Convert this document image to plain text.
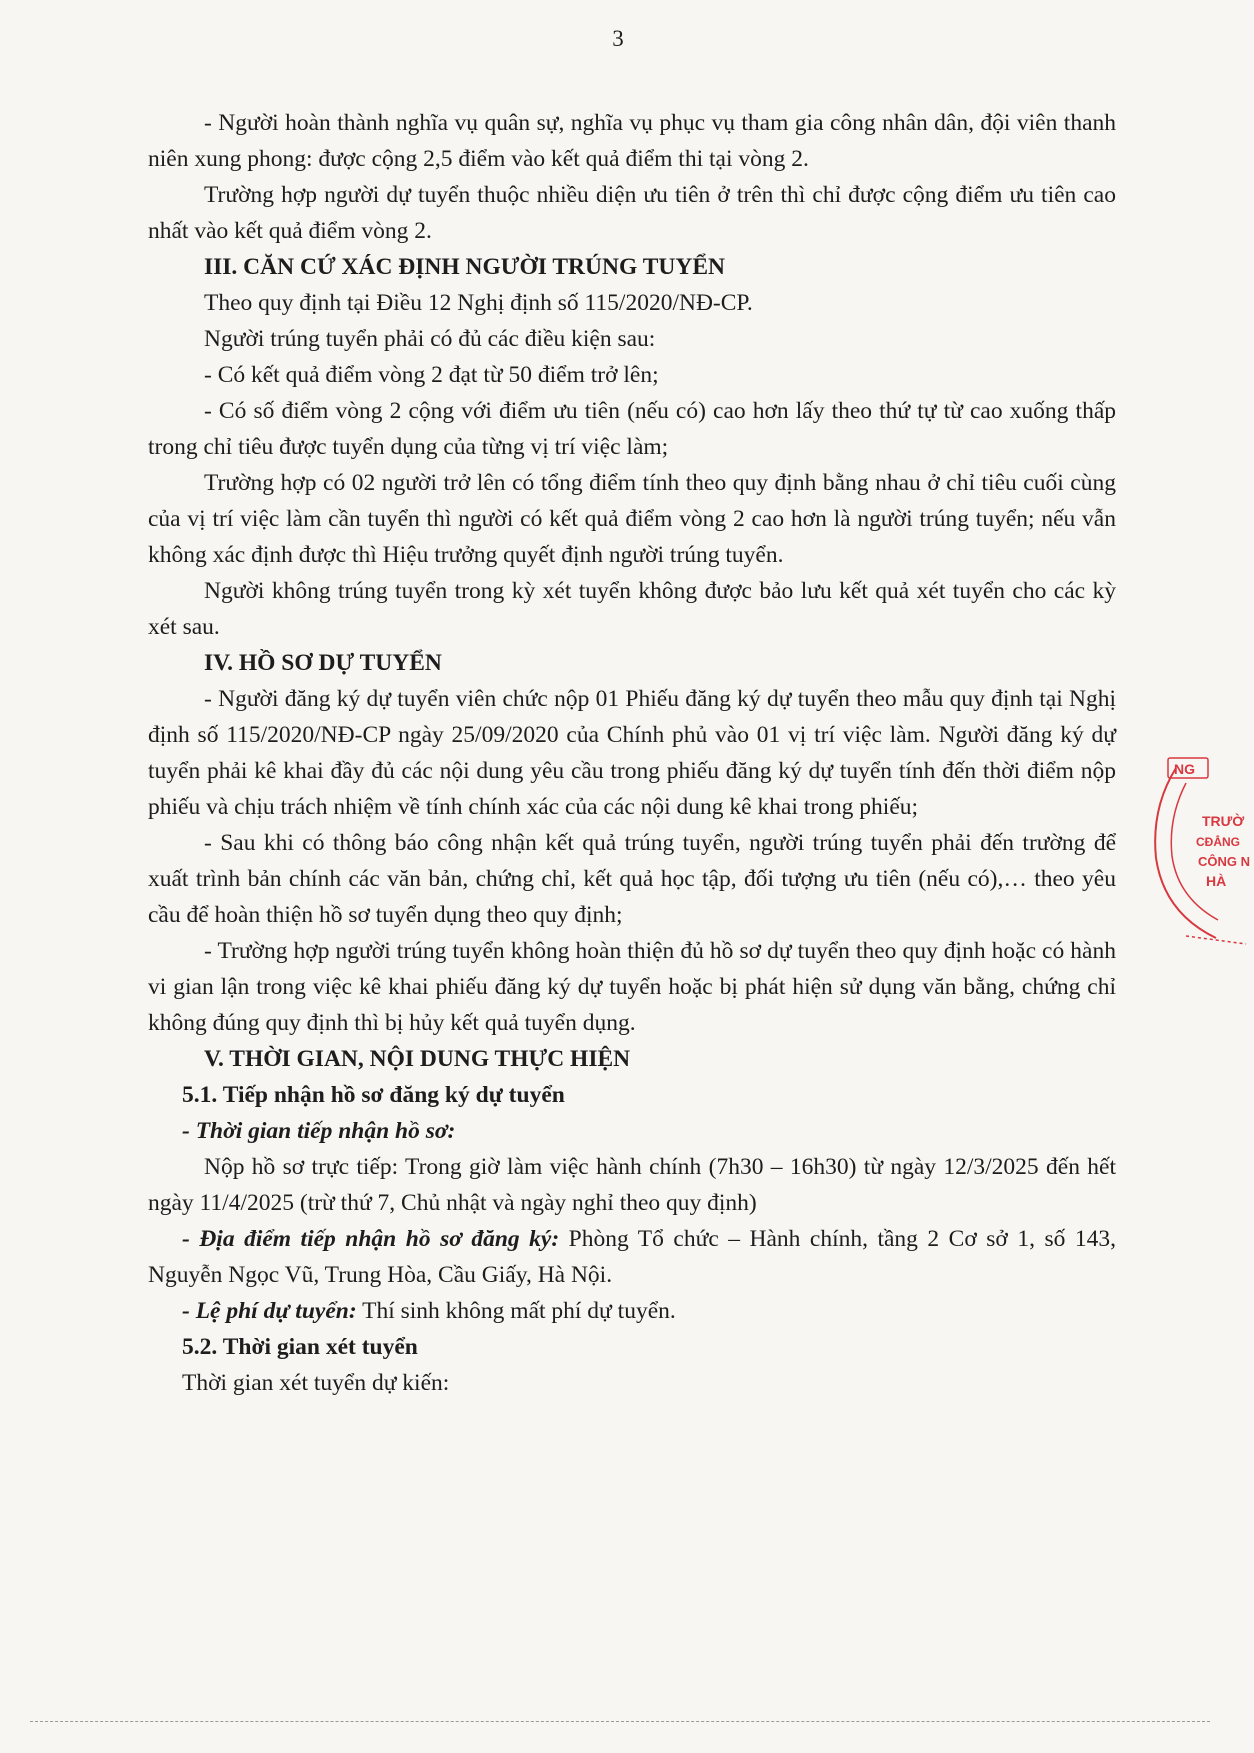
3

- Người hoàn thành nghĩa vụ quân sự, nghĩa vụ phục vụ tham gia công nhân dân, đội viên thanh niên xung phong: được cộng 2,5 điểm vào kết quả điểm thi tại vòng 2.

Trường hợp người dự tuyển thuộc nhiều diện ưu tiên ở trên thì chỉ được cộng điểm ưu tiên cao nhất vào kết quả điểm vòng 2.

III. CĂN CỨ XÁC ĐỊNH NGƯỜI TRÚNG TUYỂN

Theo quy định tại Điều 12 Nghị định số 115/2020/NĐ-CP.

Người trúng tuyển phải có đủ các điều kiện sau:

- Có kết quả điểm vòng 2 đạt từ 50 điểm trở lên;

- Có số điểm vòng 2 cộng với điểm ưu tiên (nếu có) cao hơn lấy theo thứ tự từ cao xuống thấp trong chỉ tiêu được tuyển dụng của từng vị trí việc làm;

Trường hợp có 02 người trở lên có tổng điểm tính theo quy định bằng nhau ở chỉ tiêu cuối cùng của vị trí việc làm cần tuyển thì người có kết quả điểm vòng 2 cao hơn là người trúng tuyển; nếu vẫn không xác định được thì Hiệu trưởng quyết định người trúng tuyển.

Người không trúng tuyển trong kỳ xét tuyển không được bảo lưu kết quả xét tuyển cho các kỳ xét sau.

IV. HỒ SƠ DỰ TUYỂN

- Người đăng ký dự tuyển viên chức nộp 01 Phiếu đăng ký dự tuyển theo mẫu quy định tại Nghị định số 115/2020/NĐ-CP ngày 25/09/2020 của Chính phủ vào 01 vị trí việc làm. Người đăng ký dự tuyển phải kê khai đầy đủ các nội dung yêu cầu trong phiếu đăng ký dự tuyển tính đến thời điểm nộp phiếu và chịu trách nhiệm về tính chính xác của các nội dung kê khai trong phiếu;

- Sau khi có thông báo công nhận kết quả trúng tuyển, người trúng tuyển phải đến trường để xuất trình bản chính các văn bản, chứng chỉ, kết quả học tập, đối tượng ưu tiên (nếu có),… theo yêu cầu để hoàn thiện hồ sơ tuyển dụng theo quy định;

- Trường hợp người trúng tuyển không hoàn thiện đủ hồ sơ dự tuyển theo quy định hoặc có hành vi gian lận trong việc kê khai phiếu đăng ký dự tuyển hoặc bị phát hiện sử dụng văn bằng, chứng chỉ không đúng quy định thì bị hủy kết quả tuyển dụng.

V. THỜI GIAN, NỘI DUNG THỰC HIỆN

5.1. Tiếp nhận hồ sơ đăng ký dự tuyển

- Thời gian tiếp nhận hồ sơ:

Nộp hồ sơ trực tiếp: Trong giờ làm việc hành chính (7h30 – 16h30) từ ngày 12/3/2025 đến hết ngày 11/4/2025 (trừ thứ 7, Chủ nhật và ngày nghỉ theo quy định)

- Địa điểm tiếp nhận hồ sơ đăng ký: Phòng Tổ chức – Hành chính, tầng 2 Cơ sở 1, số 143, Nguyễn Ngọc Vũ, Trung Hòa, Cầu Giấy, Hà Nội.

- Lệ phí dự tuyển: Thí sinh không mất phí dự tuyển.

5.2. Thời gian xét tuyển

Thời gian xét tuyển dự kiến:

NG
TRƯỜ
CĐẲNG
CÔNG N
HÀ
